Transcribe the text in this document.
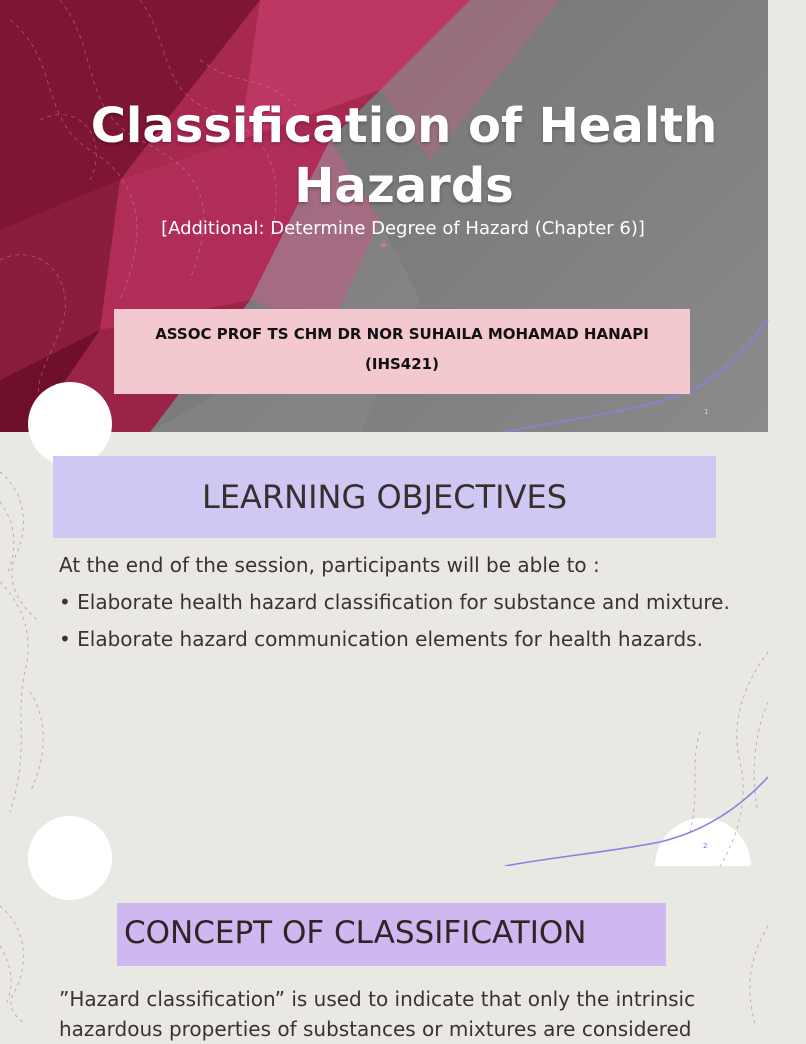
Classification of Health Hazards
[Additional: Determine Degree of Hazard (Chapter 6)]
+
ASSOC PROF TS CHM DR NOR SUHAILA MOHAMAD HANAPI
(IHS421)
1
LEARNING OBJECTIVES

At the end of the session, participants will be able to :

• Elaborate health hazard classification for substance and mixture.

• Elaborate hazard communication elements for health hazards.

2
CONCEPT OF CLASSIFICATION
”Hazard classification” is used to indicate that only the intrinsic hazardous properties of substances or mixtures are considered
